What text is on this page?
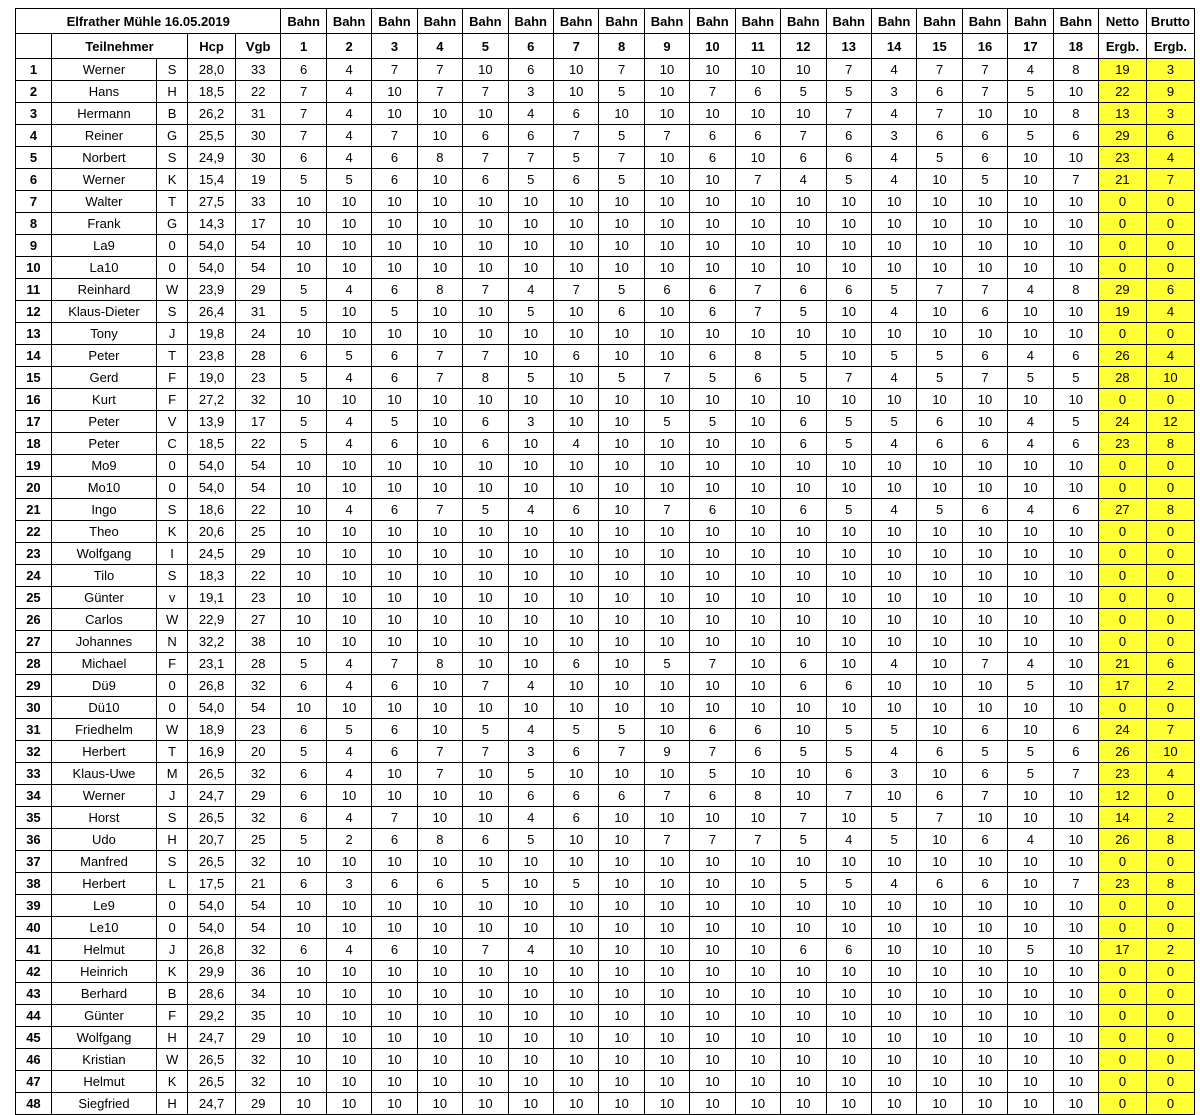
Elfrather Mühle 16.05.2019					Bahn	Bahn	Bahn	Bahn	Bahn	Bahn	Bahn	Bahn	Bahn	Bahn	Bahn	Bahn	Bahn	Bahn	Bahn	Bahn	Bahn	Bahn	Netto	Brutto
	Teilnehmer		Hcp	Vgb	1	2	3	4	5	6	7	8	9	10	11	12	13	14	15	16	17	18	Ergb.	Ergb.
1	Werner	S	28,0	33	6	4	7	7	10	6	10	7	10	10	10	10	7	4	7	7	4	8	19	3
2	Hans	H	18,5	22	7	4	10	7	7	3	10	5	10	7	6	5	5	3	6	7	5	10	22	9
3	Hermann	B	26,2	31	7	4	10	10	10	4	6	10	10	10	10	10	7	4	7	10	10	8	13	3
4	Reiner	G	25,5	30	7	4	7	10	6	6	7	5	7	6	6	7	6	3	6	6	5	6	29	6
5	Norbert	S	24,9	30	6	4	6	8	7	7	5	7	10	6	10	6	6	4	5	6	10	10	23	4
6	Werner	K	15,4	19	5	5	6	10	6	5	6	5	10	10	7	4	5	4	10	5	10	7	21	7
7	Walter	T	27,5	33	10	10	10	10	10	10	10	10	10	10	10	10	10	10	10	10	10	10	0	0
8	Frank	G	14,3	17	10	10	10	10	10	10	10	10	10	10	10	10	10	10	10	10	10	10	0	0
9	La9	0	54,0	54	10	10	10	10	10	10	10	10	10	10	10	10	10	10	10	10	10	10	0	0
10	La10	0	54,0	54	10	10	10	10	10	10	10	10	10	10	10	10	10	10	10	10	10	10	0	0
11	Reinhard	W	23,9	29	5	4	6	8	7	4	7	5	6	6	7	6	6	5	7	7	4	8	29	6
12	Klaus-Dieter	S	26,4	31	5	10	5	10	10	5	10	6	10	6	7	5	10	4	10	6	10	10	19	4
13	Tony	J	19,8	24	10	10	10	10	10	10	10	10	10	10	10	10	10	10	10	10	10	10	0	0
14	Peter	T	23,8	28	6	5	6	7	7	10	6	10	10	6	8	5	10	5	5	6	4	6	26	4
15	Gerd	F	19,0	23	5	4	6	7	8	5	10	5	7	5	6	5	7	4	5	7	5	5	28	10
16	Kurt	F	27,2	32	10	10	10	10	10	10	10	10	10	10	10	10	10	10	10	10	10	10	0	0
17	Peter	V	13,9	17	5	4	5	10	6	3	10	10	5	5	10	6	5	5	6	10	4	5	24	12
18	Peter	C	18,5	22	5	4	6	10	6	10	4	10	10	10	10	6	5	4	6	6	4	6	23	8
19	Mo9	0	54,0	54	10	10	10	10	10	10	10	10	10	10	10	10	10	10	10	10	10	10	0	0
20	Mo10	0	54,0	54	10	10	10	10	10	10	10	10	10	10	10	10	10	10	10	10	10	10	0	0
21	Ingo	S	18,6	22	10	4	6	7	5	4	6	10	7	6	10	6	5	4	5	6	4	6	27	8
22	Theo	K	20,6	25	10	10	10	10	10	10	10	10	10	10	10	10	10	10	10	10	10	10	0	0
23	Wolfgang	I	24,5	29	10	10	10	10	10	10	10	10	10	10	10	10	10	10	10	10	10	10	0	0
24	Tilo	S	18,3	22	10	10	10	10	10	10	10	10	10	10	10	10	10	10	10	10	10	10	0	0
25	Günter	v	19,1	23	10	10	10	10	10	10	10	10	10	10	10	10	10	10	10	10	10	10	0	0
26	Carlos	W	22,9	27	10	10	10	10	10	10	10	10	10	10	10	10	10	10	10	10	10	10	0	0
27	Johannes	N	32,2	38	10	10	10	10	10	10	10	10	10	10	10	10	10	10	10	10	10	10	0	0
28	Michael	F	23,1	28	5	4	7	8	10	10	6	10	5	7	10	6	10	4	10	7	4	10	21	6
29	Dü9	0	26,8	32	6	4	6	10	7	4	10	10	10	10	10	6	6	10	10	10	5	10	17	2
30	Dü10	0	54,0	54	10	10	10	10	10	10	10	10	10	10	10	10	10	10	10	10	10	10	0	0
31	Friedhelm	W	18,9	23	6	5	6	10	5	4	5	5	10	6	6	10	5	5	10	6	10	6	24	7
32	Herbert	T	16,9	20	5	4	6	7	7	3	6	7	9	7	6	5	5	4	6	5	5	6	26	10
33	Klaus-Uwe	M	26,5	32	6	4	10	7	10	5	10	10	10	5	10	10	6	3	10	6	5	7	23	4
34	Werner	J	24,7	29	6	10	10	10	10	6	6	6	7	6	8	10	7	10	6	7	10	10	12	0
35	Horst	S	26,5	32	6	4	7	10	10	4	6	10	10	10	10	7	10	5	7	10	10	10	14	2
36	Udo	H	20,7	25	5	2	6	8	6	5	10	10	7	7	7	5	4	5	10	6	4	10	26	8
37	Manfred	S	26,5	32	10	10	10	10	10	10	10	10	10	10	10	10	10	10	10	10	10	10	0	0
38	Herbert	L	17,5	21	6	3	6	6	5	10	5	10	10	10	10	5	5	4	6	6	10	7	23	8
39	Le9	0	54,0	54	10	10	10	10	10	10	10	10	10	10	10	10	10	10	10	10	10	10	0	0
40	Le10	0	54,0	54	10	10	10	10	10	10	10	10	10	10	10	10	10	10	10	10	10	10	0	0
41	Helmut	J	26,8	32	6	4	6	10	7	4	10	10	10	10	10	6	6	10	10	10	5	10	17	2
42	Heinrich	K	29,9	36	10	10	10	10	10	10	10	10	10	10	10	10	10	10	10	10	10	10	0	0
43	Berhard	B	28,6	34	10	10	10	10	10	10	10	10	10	10	10	10	10	10	10	10	10	10	0	0
44	Günter	F	29,2	35	10	10	10	10	10	10	10	10	10	10	10	10	10	10	10	10	10	10	0	0
45	Wolfgang	H	24,7	29	10	10	10	10	10	10	10	10	10	10	10	10	10	10	10	10	10	10	0	0
46	Kristian	W	26,5	32	10	10	10	10	10	10	10	10	10	10	10	10	10	10	10	10	10	10	0	0
47	Helmut	K	26,5	32	10	10	10	10	10	10	10	10	10	10	10	10	10	10	10	10	10	10	0	0
48	Siegfried	H	24,7	29	10	10	10	10	10	10	10	10	10	10	10	10	10	10	10	10	10	10	0	0
